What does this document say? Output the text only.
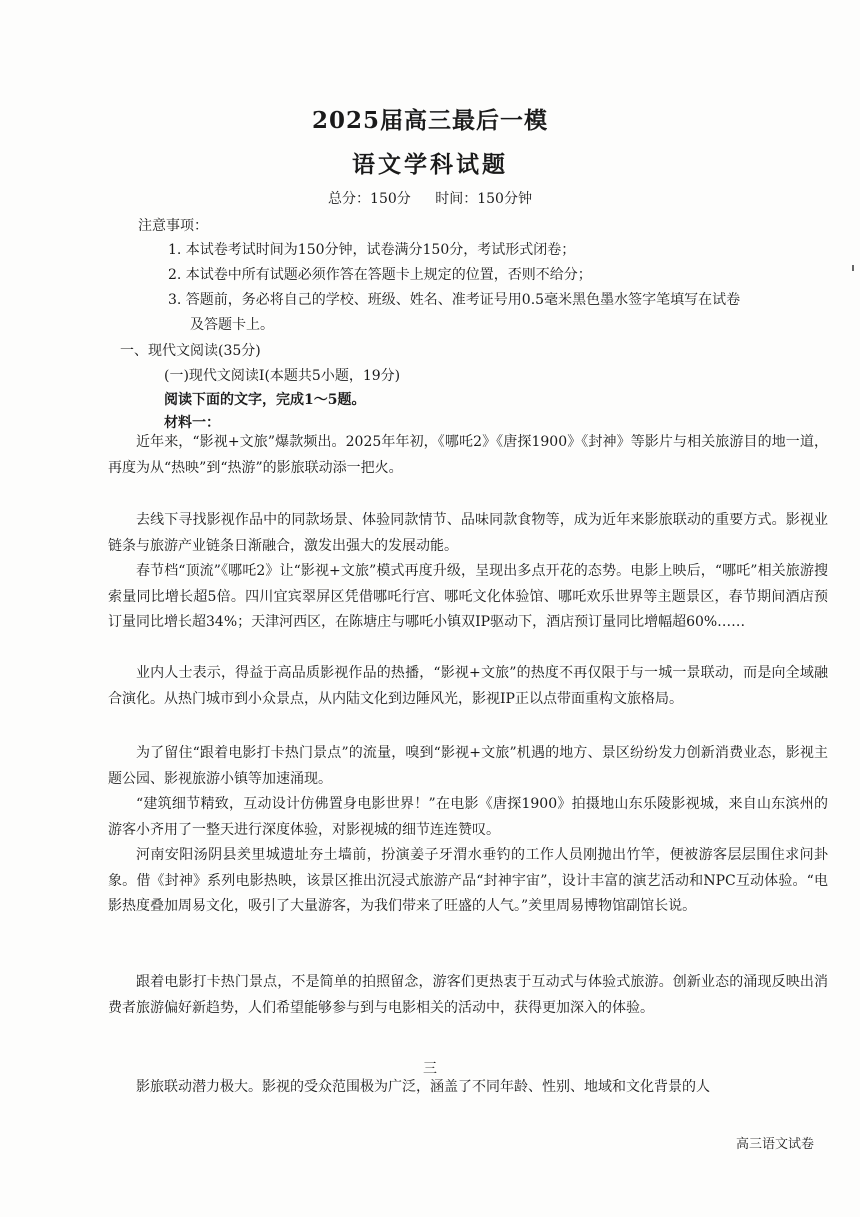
2025届高三最后一模
语文学科试题
总分：150分 时间：150分钟
注意事项：
1. 本试卷考试时间为150分钟，试卷满分150分，考试形式闭卷；
2. 本试卷中所有试题必须作答在答题卡上规定的位置，否则不给分；
3. 答题前，务必将自己的学校、班级、姓名、准考证号用0.5毫米黑色墨水签字笔填写在试卷
及答题卡上。
一、现代文阅读(35分)
(一)现代文阅读Ⅰ(本题共5小题，19分)
阅读下面的文字，完成1～5题。
材料一：

近年来，“影视+文旅”爆款频出。2025年年初，《哪吒2》《唐探1900》《封神》等影片与相关旅游目的地一道，再度为从“热映”到“热游”的影旅联动添一把火。

去线下寻找影视作品中的同款场景、体验同款情节、品味同款食物等，成为近年来影旅联动的重要方式。影视业链条与旅游产业链条日渐融合，激发出强大的发展动能。

春节档“顶流”《哪吒2》让“影视+文旅”模式再度升级，呈现出多点开花的态势。电影上映后，“哪吒”相关旅游搜索量同比增长超5倍。四川宜宾翠屏区凭借哪吒行宫、哪吒文化体验馆、哪吒欢乐世界等主题景区，春节期间酒店预订量同比增长超34%；天津河西区，在陈塘庄与哪吒小镇双IP驱动下，酒店预订量同比增幅超60%……

业内人士表示，得益于高品质影视作品的热播，“影视+文旅”的热度不再仅限于与一城一景联动，而是向全域融合演化。从热门城市到小众景点，从内陆文化到边陲风光，影视IP正以点带面重构文旅格局。

为了留住“跟着电影打卡热门景点”的流量，嗅到“影视+文旅”机遇的地方、景区纷纷发力创新消费业态，影视主题公园、影视旅游小镇等加速涌现。

“建筑细节精致，互动设计仿佛置身电影世界！”在电影《唐探1900》拍摄地山东乐陵影视城，来自山东滨州的游客小齐用了一整天进行深度体验，对影视城的细节连连赞叹。

河南安阳汤阴县羑里城遗址夯土墙前，扮演姜子牙渭水垂钓的工作人员刚抛出竹竿，便被游客层层围住求问卦象。借《封神》系列电影热映，该景区推出沉浸式旅游产品“封神宇宙”，设计丰富的演艺活动和NPC互动体验。“电影热度叠加周易文化，吸引了大量游客，为我们带来了旺盛的人气。”羑里周易博物馆副馆长说。

跟着电影打卡热门景点，不是简单的拍照留念，游客们更热衷于互动式与体验式旅游。创新业态的涌现反映出消费者旅游偏好新趋势，人们希望能够参与到与电影相关的活动中，获得更加深入的体验。

三

影旅联动潜力极大。影视的受众范围极为广泛，涵盖了不同年龄、性别、地域和文化背景的人

高三语文试卷
